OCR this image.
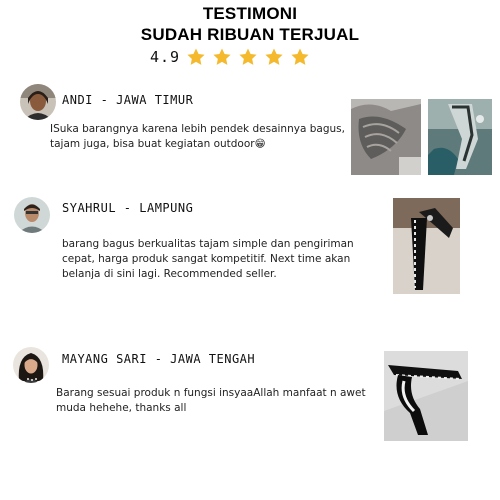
TESTIMONI
SUDAH RIBUAN TERJUAL
4.9
ANDI - JAWA TIMUR
ISuka barangnya karena lebih pendek desainnya bagus, tajam juga, bisa buat kegiatan outdoor😁
SYAHRUL - LAMPUNG
barang bagus berkualitas tajam simple dan pengiriman cepat, harga produk sangat kompetitif. Next time akan belanja di sini lagi. Recommended seller.
MAYANG SARI - JAWA TENGAH
Barang sesuai produk n fungsi insyaaAllah manfaat n awet muda hehehe, thanks all
